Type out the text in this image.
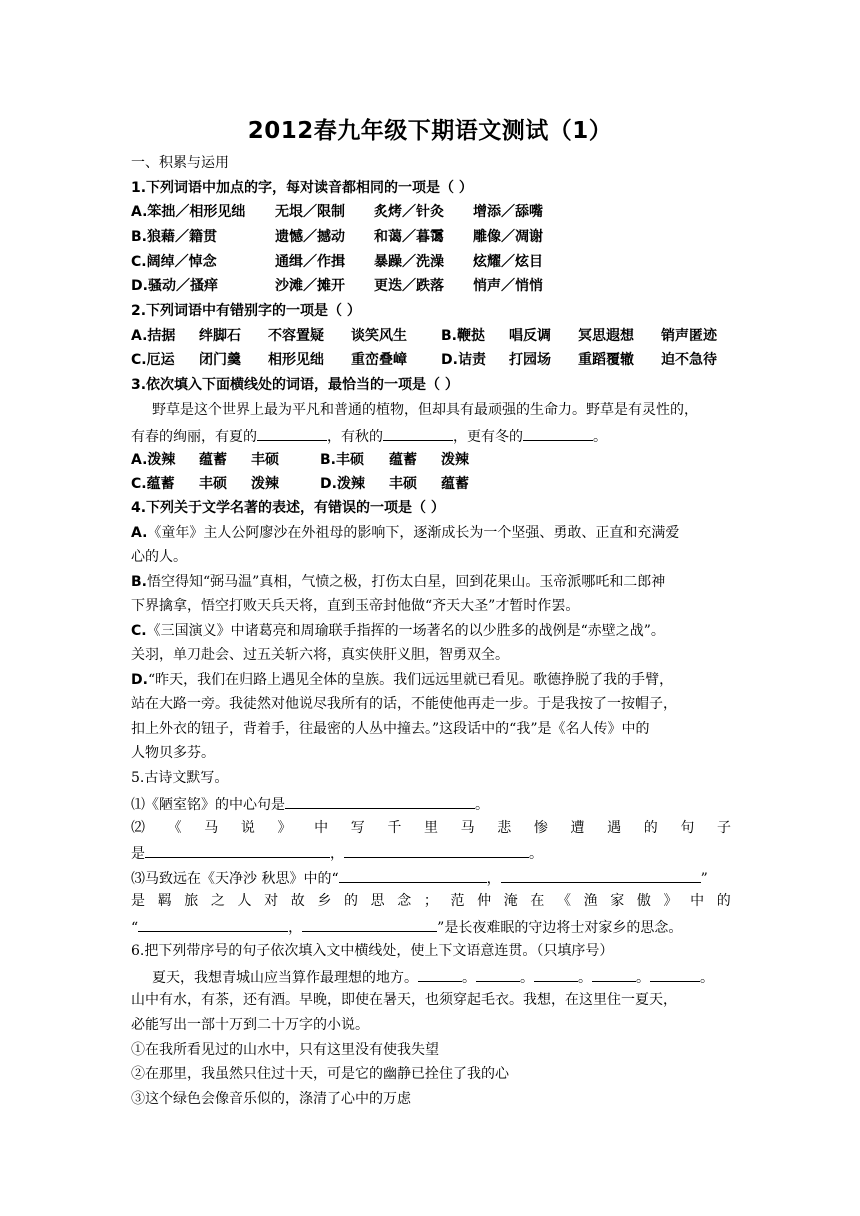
2012春九年级下期语文测试（1）
一、积累与运用
1.下列词语中加点的字，每对读音都相同的一项是（ ）
A.笨拙／相形见绌 无垠／限制 炙烤／针灸 增添／舔嘴
B.狼藉／籍贯	遗憾／撼动 和蔼／暮霭 雕像／凋谢
C.阔绰／悼念	通缉／作揖 暴躁／洗澡 炫耀／炫目
D.骚动／搔痒	沙滩／摊开 更迭／跌落 悄声／悄悄
2.下列词语中有错别字的一项是（ ）
A.拮据 绊脚石 不容置疑 谈笑风生 B.鞭挞 唱反调 冥思遐想 销声匿迹
C.厄运 闭门羹 相形见绌 重峦叠嶂 D.诘责 打园场 重蹈覆辙 迫不急待
3.依次填入下面横线处的词语，最恰当的一项是（ ）
野草是这个世界上最为平凡和普通的植物，但却具有最顽强的生命力。野草是有灵性的，
有春的绚丽，有夏的	，有秋的	，更有冬的	。
A.泼辣 蕴蓄 丰硕	B.丰硕 蕴蓄 泼辣
C.蕴蓄 丰硕 泼辣	D.泼辣 丰硕 蕴蓄
4.下列关于文学名著的表述，有错误的一项是（ ）
A.《童年》主人公阿廖沙在外祖母的影响下，逐渐成长为一个坚强、勇敢、正直和充满爱
心的人。
B.悟空得知“弼马温”真相，气愤之极，打伤太白星，回到花果山。玉帝派哪吒和二郎神
下界擒拿，悟空打败天兵天将，直到玉帝封他做“齐天大圣”才暂时作罢。
C.《三国演义》中诸葛亮和周瑜联手指挥的一场著名的以少胜多的战例是“赤壁之战”。
关羽，单刀赴会、过五关斩六将，真实侠肝义胆，智勇双全。
D.“昨天，我们在归路上遇见全体的皇族。我们远远里就已看见。歌德挣脱了我的手臂，
站在大路一旁。我徒然对他说尽我所有的话，不能使他再走一步。于是我按了一按帽子，
扣上外衣的钮子，背着手，往最密的人丛中撞去。”这段话中的“我”是《名人传》中的
人物贝多芬。
5.古诗文默写。
⑴《陋室铭》的中心句是	。
⑵ 《 马 说 》 中 写 千 里 马 悲 惨 遭 遇 的 句 子
是	，	。
⑶马致远在《天净沙 秋思》中的“	，	”
是 羁 旅 之 人 对 故 乡 的 思 念 ； 范 仲 淹 在 《 渔 家 傲 》 中 的
“	，	”是长夜难眠的守边将士对家乡的思念。
6.把下列带序号的句子依次填入文中横线处，使上下文语意连贯。（只填序号）
夏天，我想青城山应当算作最理想的地方。	。	。	。	。	。
山中有水，有茶，还有酒。早晚，即使在暑天，也须穿起毛衣。我想，在这里住一夏天，
必能写出一部十万到二十万字的小说。
①在我所看见过的山水中，只有这里没有使我失望
②在那里，我虽然只住过十天，可是它的幽静已拴住了我的心
③这个绿色会像音乐似的，涤清了心中的万虑
